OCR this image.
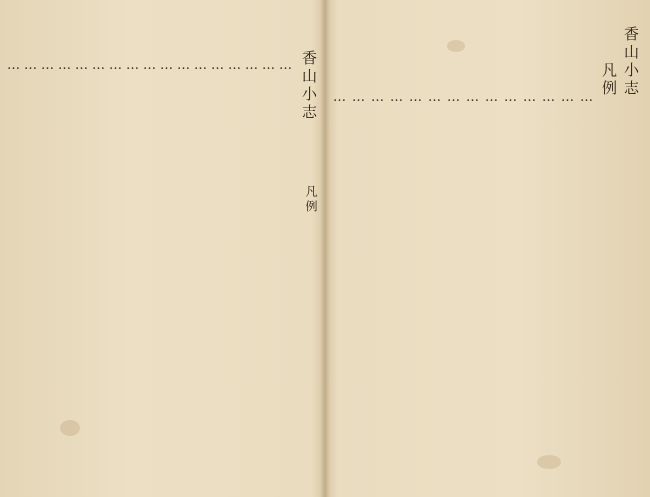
香山小志
凡例
…
…
…
…
…
…
…
…
…
…
…
…
…
…
香山小志
凡例
…
…
…
…
…
…
…
…
…
…
…
…
…
…
…
…
…
